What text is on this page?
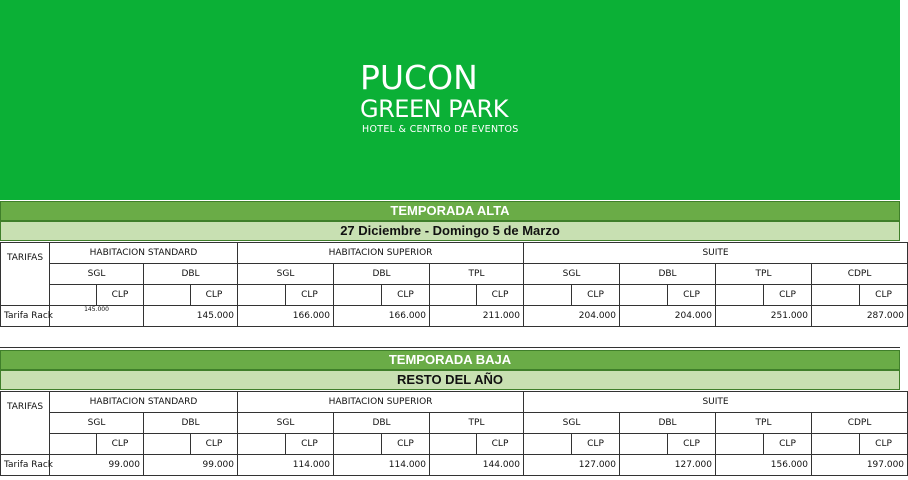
PUCON
GREEN PARK
HOTEL & CENTRO DE EVENTOS
TEMPORADA ALTA
27 Diciembre - Domingo 5 de Marzo
TARIFAS	HABITACION STANDARD				HABITACION SUPERIOR						SUITE							
	SGL		DBL		SGL		DBL		TPL		SGL		DBL		TPL		CDPL	
		CLP		CLP		CLP		CLP		CLP		CLP		CLP		CLP		CLP
Tarifa Rack	145.000		145.000		166.000		166.000		211.000		204.000		204.000		251.000		287.000	
TEMPORADA BAJA
RESTO DEL AÑO
TARIFAS	HABITACION STANDARD				HABITACION SUPERIOR						SUITE							
	SGL		DBL		SGL		DBL		TPL		SGL		DBL		TPL		CDPL	
		CLP		CLP		CLP		CLP		CLP		CLP		CLP		CLP		CLP
Tarifa Rack	99.000		99.000		114.000		114.000		144.000		127.000		127.000		156.000		197.000	
